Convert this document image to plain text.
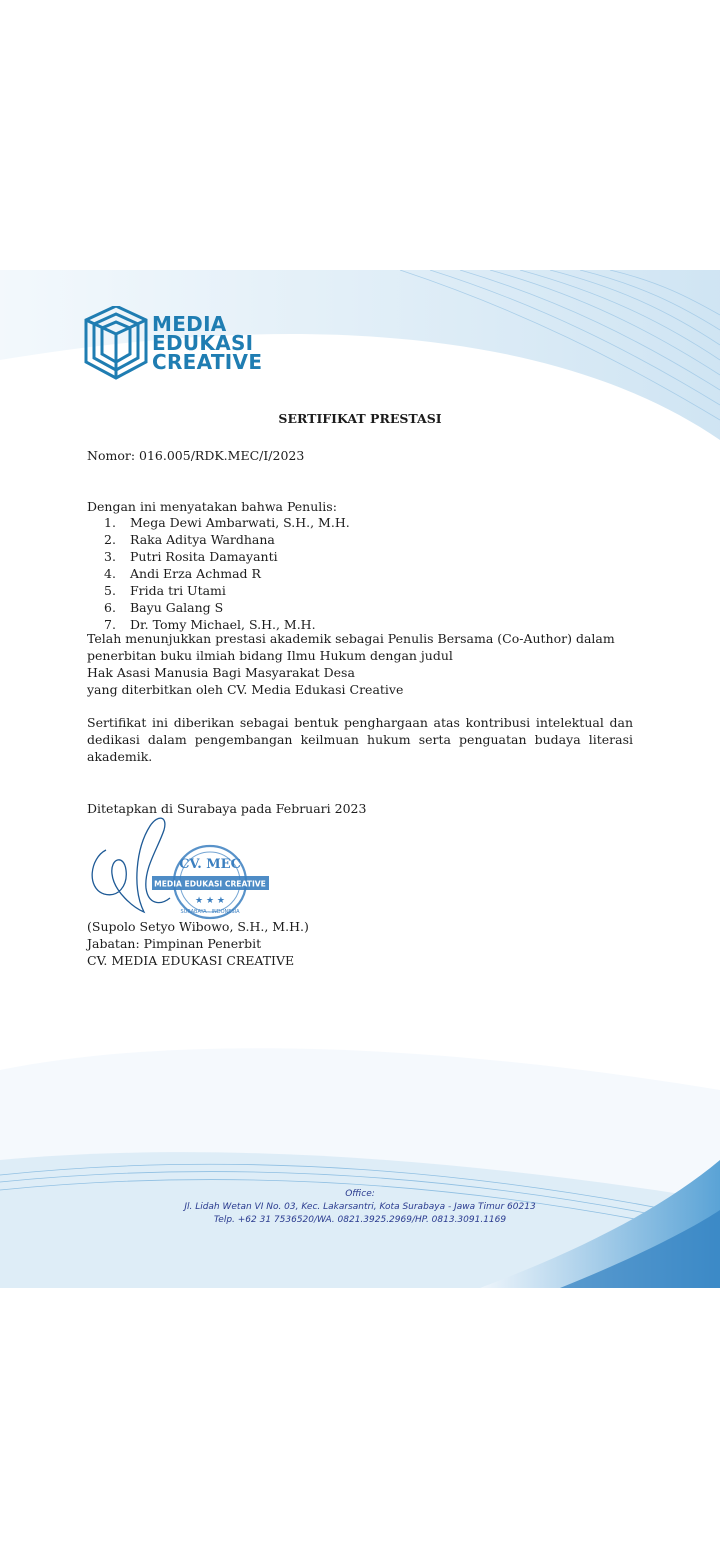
MEDIA
EDUKASI
CREATIVE
SERTIFIKAT PRESTASI
Nomor: 016.005/RDK.MEC/I/2023
Dengan ini menyatakan bahwa Penulis:
1.	Mega Dewi Ambarwati, S.H., M.H.
2.	Raka Aditya Wardhana
3.	Putri Rosita Damayanti
4.	Andi Erza Achmad R
5.	Frida tri Utami
6.	Bayu Galang S
7.	Dr. Tomy Michael, S.H., M.H.
Telah menunjukkan prestasi akademik sebagai Penulis Bersama (Co-Author) dalam
penerbitan buku ilmiah bidang Ilmu Hukum dengan judul
Hak Asasi Manusia Bagi Masyarakat Desa
yang diterbitkan oleh CV. Media Edukasi Creative
Sertifikat ini diberikan sebagai bentuk penghargaan atas kontribusi intelektual dan dedikasi dalam pengembangan keilmuan hukum serta penguatan budaya literasi akademik.
Ditetapkan di Surabaya pada Februari 2023
CV. MEC
MEDIA EDUKASI CREATIVE
★ ★ ★
SURABAYA - INDONESIA
(Supolo Setyo Wibowo, S.H., M.H.)
Jabatan: Pimpinan Penerbit
CV. MEDIA EDUKASI CREATIVE
Office:
Jl. Lidah Wetan VI No. 03, Kec. Lakarsantri, Kota Surabaya - Jawa Timur 60213
Telp. +62 31 7536520/WA. 0821.3925.2969/HP. 0813.3091.1169
